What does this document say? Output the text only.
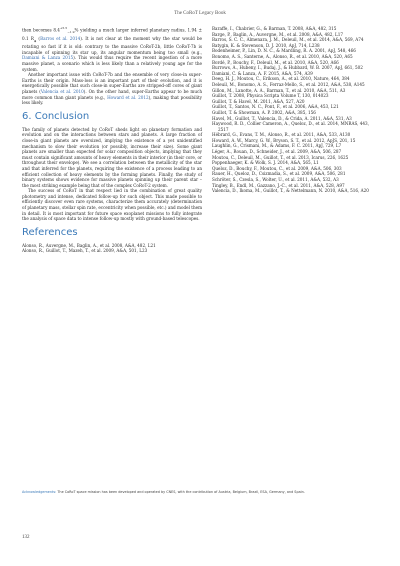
The CoRoT Legacy Book

then becomes $8.4^{+5.5}_{-1.9}\%$ yielding a much larger inferred planetary radius, 1.94 ± 0.1 $R_\oplus$ (Barros et al. 2014). It is not clear at the moment why the star would be rotating so fast if it is old: contrary to the massive CoRoT-2b, little CoRoT-7b is incapable of spinning its star up, its angular momentum being too small (e.g., Damiani & Lanza 2015). This would thus require the recent ingestion of a more massive planet, a scenario which is less likely than a relatively young age for the system.

Another important issue with CoRoT-7b and the ensemble of very close-in super-Earths is their origin. Mass-loss is an important part of their evolution, and it is energetically possible that such close-in super-Earths are stripped-off cores of giant planets (Valencia et al. 2010). On the other hand, super-Earths appear to be much more common than giant planets (e.g., Howard et al. 2012), making that possibility less likely.

6. Conclusion

The family of planets detected by CoRoT sheds light on planetary formation and evolution and on the interactions between stars and planets. A large fraction of close-in giant planets are oversized, implying the existence of a yet unidentified mechanism to slow their evolution (or possibly, increase their size). Some giant planets are smaller than expected for solar composition objects, implying that they must contain significant amounts of heavy elements in their interior (in their core, or throughout their envelope). We see a correlation between the metallicity of the star and that inferred for the planets, requiring the existence of a process leading to an efficient collection of heavy elements by the forming planets. Finally, the study of binary systems shows evidence for massive planets spinning up their parent star – the most striking example being that of the complex CoRoT-2 system.

The success of CoRoT in that respect lied in the combination of great quality photometry and intense, dedicated follow-up for such object. This made possible to efficiently discover even rare systems, characterize them accurately (determination of planetary mass, stellar spin rate, eccentricity when possible, etc.) and model them in detail. It is most important for future space exoplanet missions to fully integrate the analysis of space data to intense follow-up mostly with ground-based telescopes.

References

Alonso, R., Auvergne, M., Baglin, A., et al. 2008, A&A, 482, L21

Alonso, R., Guillot, T., Mazeh, T., et al. 2009, A&A, 501, L23

Baraffe, I., Chabrier, G., & Barman, T. 2008, A&A, 482, 315

Barge, P., Baglin, A., Auvergne, M., et al. 2008, A&A, 482, L17

Barros, S. C. C., Almenara, J. M., Deleuil, M., et al. 2014, A&A, 569, A74

Batygin, K. & Stevenson, D. J. 2010, ApJ, 714, L238

Bodenheimer, P., Lin, D. N. C., & Mardling, R. A. 2001, ApJ, 548, 466

Bonomo, A. S., Santerne, A., Alonso, R., et al. 2010, A&A, 520, A65

Bordé, P., Bouchy, F., Deleuil, M., et al. 2010, A&A, 520, A66

Burrows, A., Hubeny, I., Budaj, J., & Hubbard, W. B. 2007, ApJ, 661, 502

Damiani, C. & Lanza, A. F. 2015, A&A, 574, A39

Deeg, H. J., Moutou, C., Erikson, A., et al. 2010, Nature, 464, 384

Deleuil, M., Bonomo, A. S., Ferraz-Mello, S., et al. 2012, A&A, 538, A145

Gillon, M., Lanotte, A. A., Barman, T., et al. 2010, A&A, 511, A3

Guillot, T. 2008, Physica Scripta Volume T, 130, 014023

Guillot, T. & Havel, M. 2011, A&A, 527, A20

Guillot, T., Santos, N. C., Pont, F., et al. 2006, A&A, 453, L21

Guillot, T. & Showman, A. P. 2002, A&A, 385, 156

Havel, M., Guillot, T., Valencia, D., & Crida, A. 2011, A&A, 531, A3

Haywood, R. D., Collier Cameron, A., Queloz, D., et al. 2014, MNRAS, 443, 2517

Hébrard, G., Evans, T. M., Alonso, R., et al. 2011, A&A, 533, A130

Howard, A. W., Marcy, G. W., Bryson, S. T., et al. 2012, ApJS, 201, 15

Laughlin, G., Crismani, M., & Adams, F. C. 2011, ApJ, 729, L7

Léger, A., Rouan, D., Schneider, J., et al. 2009, A&A, 506, 287

Moutou, C., Deleuil, M., Guillot, T., et al. 2013, Icarus, 226, 1625

Poppenhaeger, K. & Wolk, S. J. 2014, A&A, 565, L1

Queloz, D., Bouchy, F., Moutou, C., et al. 2009, A&A, 506, 303

Rauer, H., Queloz, D., Csizmadia, S., et al. 2009, A&A, 506, 281

Schröter, S., Czesla, S., Wolter, U., et al. 2011, A&A, 532, A3

Tingley, B., Endl, M., Gazzano, J.-C., et al. 2011, A&A, 528, A97

Valencia, D., Ikoma, M., Guillot, T., & Nettelmann, N. 2010, A&A, 516, A20

Acknowledgements: The CoRoT space mission has been developed and operated by CNES, with the contribution of Austria, Belgium, Brazil, ESA, Germany, and Spain.
132
